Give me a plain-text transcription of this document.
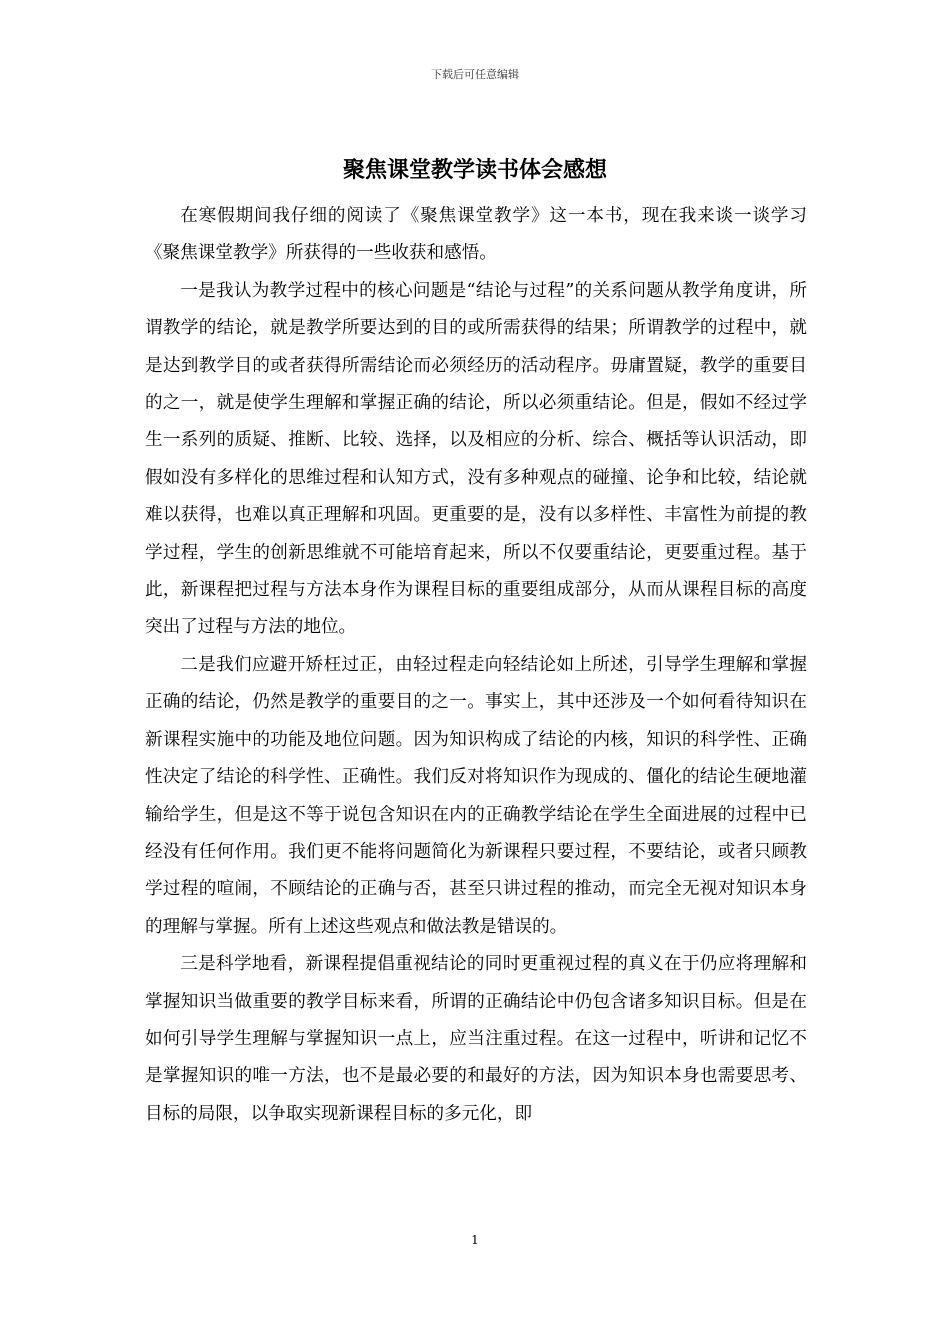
下载后可任意编辑
聚焦课堂教学读书体会感想

在寒假期间我仔细的阅读了《聚焦课堂教学》这一本书，现在我来谈一谈学习《聚焦课堂教学》所获得的一些收获和感悟。

一是我认为教学过程中的核心问题是“结论与过程”的关系问题从教学角度讲，所谓教学的结论，就是教学所要达到的目的或所需获得的结果；所谓教学的过程中，就是达到教学目的或者获得所需结论而必须经历的活动程序。毋庸置疑，教学的重要目的之一，就是使学生理解和掌握正确的结论，所以必须重结论。但是，假如不经过学生一系列的质疑、推断、比较、选择，以及相应的分析、综合、概括等认识活动，即假如没有多样化的思维过程和认知方式，没有多种观点的碰撞、论争和比较，结论就难以获得，也难以真正理解和巩固。更重要的是，没有以多样性、丰富性为前提的教学过程，学生的创新思维就不可能培育起来，所以不仅要重结论，更要重过程。基于此，新课程把过程与方法本身作为课程目标的重要组成部分，从而从课程目标的高度突出了过程与方法的地位。

二是我们应避开矫枉过正，由轻过程走向轻结论如上所述，引导学生理解和掌握正确的结论，仍然是教学的重要目的之一。事实上，其中还涉及一个如何看待知识在新课程实施中的功能及地位问题。因为知识构成了结论的内核，知识的科学性、正确性决定了结论的科学性、正确性。我们反对将知识作为现成的、僵化的结论生硬地灌输给学生，但是这不等于说包含知识在内的正确教学结论在学生全面进展的过程中已经没有任何作用。我们更不能将问题简化为新课程只要过程，不要结论，或者只顾教学过程的喧闹，不顾结论的正确与否，甚至只讲过程的推动，而完全无视对知识本身的理解与掌握。所有上述这些观点和做法教是错误的。

三是科学地看，新课程提倡重视结论的同时更重视过程的真义在于仍应将理解和掌握知识当做重要的教学目标来看，所谓的正确结论中仍包含诸多知识目标。但是在如何引导学生理解与掌握知识一点上，应当注重过程。在这一过程中，听讲和记忆不是掌握知识的唯一方法，也不是最必要的和最好的方法，因为知识本身也需要思考、目标的局限，以争取实现新课程目标的多元化，即

1
